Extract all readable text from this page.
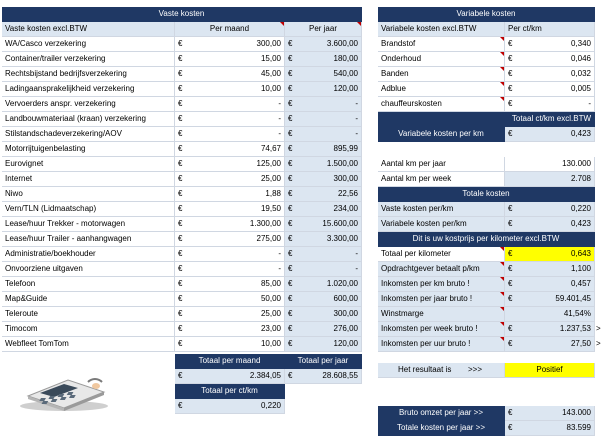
Vaste kosten
Vaste kosten excl.BTW	Per maand	Per jaar
WA/Casco verzekering	€	300,00 €	3.600,00
Container/trailer verzekering	€	15,00 €	180,00
Rechtsbijstand bedrijfsverzekering	€	45,00 €	540,00
Ladingaansprakelijkheid verzekering	€	10,00 €	120,00
Vervoerders anspr. verzekering	€	- €	-
Landbouwmateriaal (kraan) verzekering	€	- €	-
Stilstandschadeverzekering/AOV	€	- €	-
Motorrijtuigenbelasting	€	74,67 €	895,99
Eurovignet	€	125,00 €	1.500,00
Internet	€	25,00 €	300,00
Niwo	€	1,88 €	22,56
Vern/TLN (Lidmaatschap)	€	19,50 €	234,00
Lease/huur Trekker - motorwagen	€	1.300,00 €	15.600,00
Lease/huur Trailer - aanhangwagen	€	275,00 €	3.300,00
Administratie/boekhouder	€	- €	-
Onvoorziene uitgaven	€	- €	-
Telefoon	€	85,00 €	1.020,00
Map&Guide	€	50,00 €	600,00
Teleroute	€	25,00 €	300,00
Timocom	€	23,00 €	276,00
Webfleet TomTom	€	10,00 €	120,00
Totaal per maand	Totaal per jaar
€	2.384,05 €	28.608,55
Totaal per ct/km
€	0,220
Variabele kosten
Variabele kosten excl.BTW	Per ct/km
Brandstof	€	0,340
Onderhoud	€	0,046
Banden	€	0,032
Adblue	€	0,005
chauffeurskosten	€	-
Totaal ct/km excl.BTW
Variabele kosten per km	€	0,423
Aantal km per jaar	130.000
Aantal km per week	2.708
Totale kosten
Vaste kosten per/km	€	0,220
Variabele kosten per/km	€	0,423
Dit is uw kostprijs per kilometer excl.BTW
Totaal per kilometer	€	0,643
Opdrachtgever betaalt p/km	€	1,100
Inkomsten per km bruto !	€	0,457
Inkomsten per jaar bruto !	€	59.401,45
Winstmarge	41,54%
Inkomsten per week bruto !	€	1.237,53
Inkomsten per uur bruto !	€	27,50
>
>
Het resultaat is >>>	Positief
Bruto omzet per jaar >>	€	143.000
Totale kosten per jaar >>	€	83.599
